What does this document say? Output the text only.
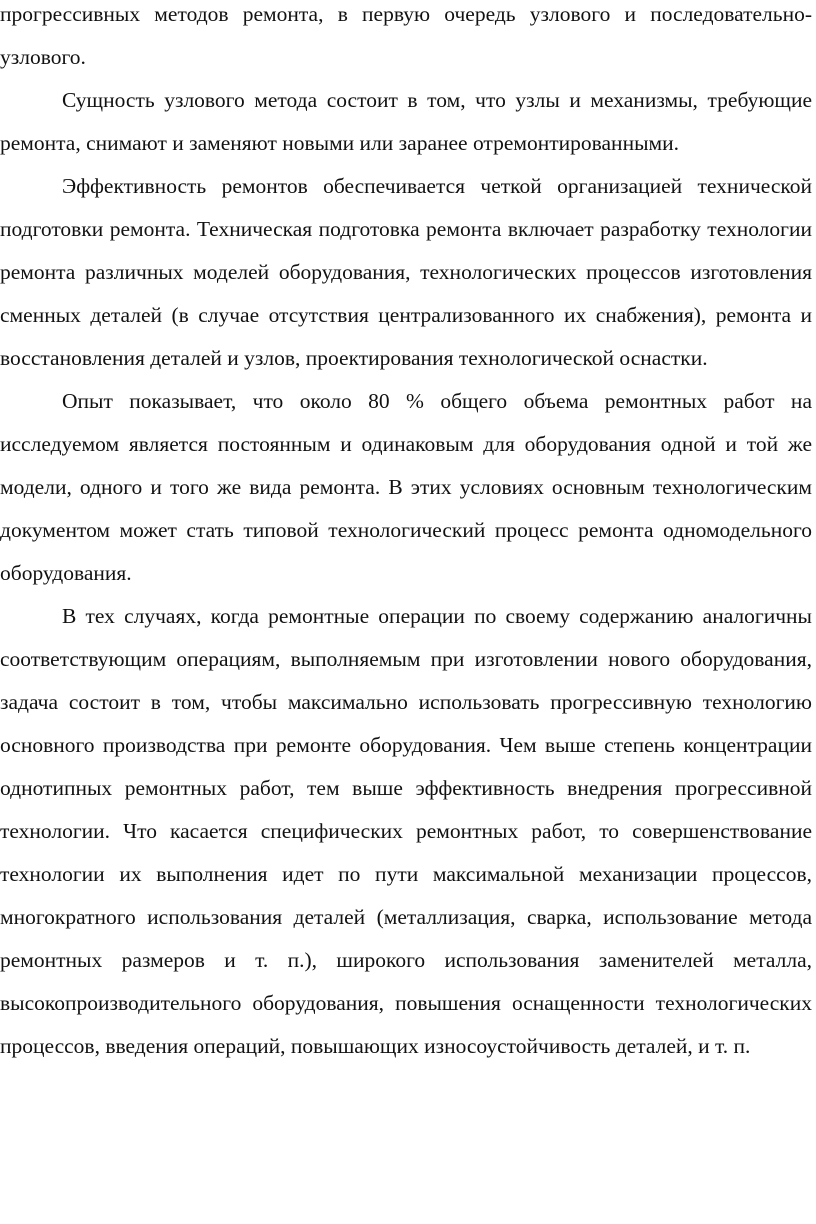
прогрессивных методов ремонта, в первую очередь узлового и последовательно-узлового.

Сущность узлового метода состоит в том, что узлы и механизмы, требующие ремонта, снимают и заменяют новыми или заранее отремонтированными.

Эффективность ремонтов обеспечивается четкой организацией технической подготовки ремонта. Техническая подготовка ремонта включает разработку технологии ремонта различных моделей оборудования, технологических процессов изготовления сменных деталей (в случае отсутствия централизованного их снабжения), ремонта и восстановления деталей и узлов, проектирования технологической оснастки.

Опыт показывает, что около 80 % общего объема ремонтных работ на исследуемом является постоянным и одинаковым для оборудования одной и той же модели, одного и того же вида ремонта. В этих условиях основным технологическим документом может стать типовой технологический процесс ремонта одномодельного оборудования.

В тех случаях, когда ремонтные операции по своему содержанию аналогичны соответствующим операциям, выполняемым при изготовлении нового оборудования, задача состоит в том, чтобы максимально использовать прогрессивную технологию основного производства при ремонте оборудования. Чем выше степень концентрации однотипных ремонтных работ, тем выше эффективность внедрения прогрессивной технологии. Что касается специфических ремонтных работ, то совершенствование технологии их выполнения идет по пути максимальной механизации процессов, многократного использования деталей (металлизация, сварка, использование метода ремонтных размеров и т. п.), широкого использования заменителей металла, высокопроизводительного оборудования, повышения оснащенности технологических процессов, введения операций, повышающих износоустойчивость деталей, и т. п.
